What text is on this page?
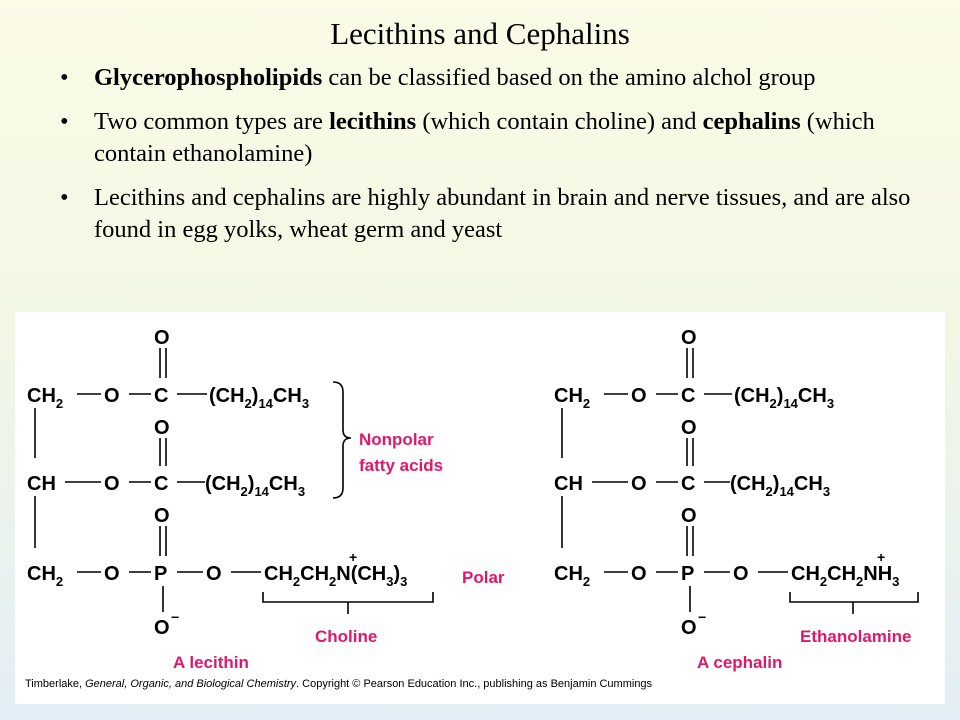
Lecithins and Cephalins
• Glycerophospholipids can be classified based on the amino alchol group
• Two common types are lecithins (which contain choline) and cephalins (which contain ethanolamine)
• Lecithins and cephalins are highly abundant in brain and nerve tissues, and are also found in egg yolks, wheat germ and yeast
$CH_2$ O C $(CH_2)_{14}CH_3$
O
CH O C $(CH_2)_{14}CH_3$
O
$CH_2$ O P O $CH_2CH_2N(CH_3)_3$
+
O
O −
$CH_2$ O C $(CH_2)_{14}CH_3$
O
CH O C $(CH_2)_{14}CH_3$
O
$CH_2$ O P O $CH_2CH_2NH_3$
+
O
O −
Nonpolar
fatty acids
Polar
Choline
A lecithin
Ethanolamine
A cephalin
Timberlake, General, Organic, and Biological Chemistry. Copyright © Pearson Education Inc., publishing as Benjamin Cummings
